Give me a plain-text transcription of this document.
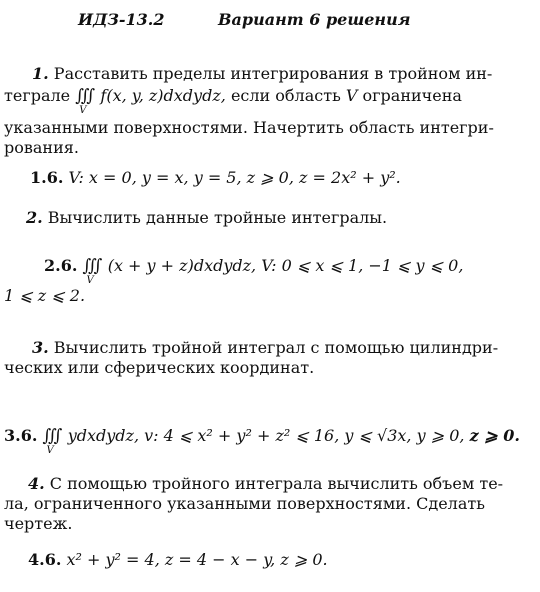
ИДЗ-13.2	Вариант 6 решения
1. Расставить пределы интегрирования в тройном ин-
теграле ∭
V
f(x, y, z)dxdydz, если область V ограничена
указанными поверхностями. Начертить область интегри-
рования.
1.6. V: x = 0, y = x, y = 5, z ⩾ 0, z = 2x² + y².
2. Вычислить данные тройные интегралы.
2.6. ∭
V
(x + y + z)dxdydz, V: 0 ⩽ x ⩽ 1, −1 ⩽ y ⩽ 0,
1 ⩽ z ⩽ 2.
3. Вычислить тройной интеграл с помощью цилиндри-
ческих или сферических координат.
3.6. ∭
V
ydxdydz, v: 4 ⩽ x² + y² + z² ⩽ 16, y ⩽ √3x, y ⩾ 0, z ⩾ 0.
4. С помощью тройного интеграла вычислить объем те-
ла, ограниченного указанными поверхностями. Сделать
чертеж.
4.6. x² + y² = 4, z = 4 − x − y, z ⩾ 0.
